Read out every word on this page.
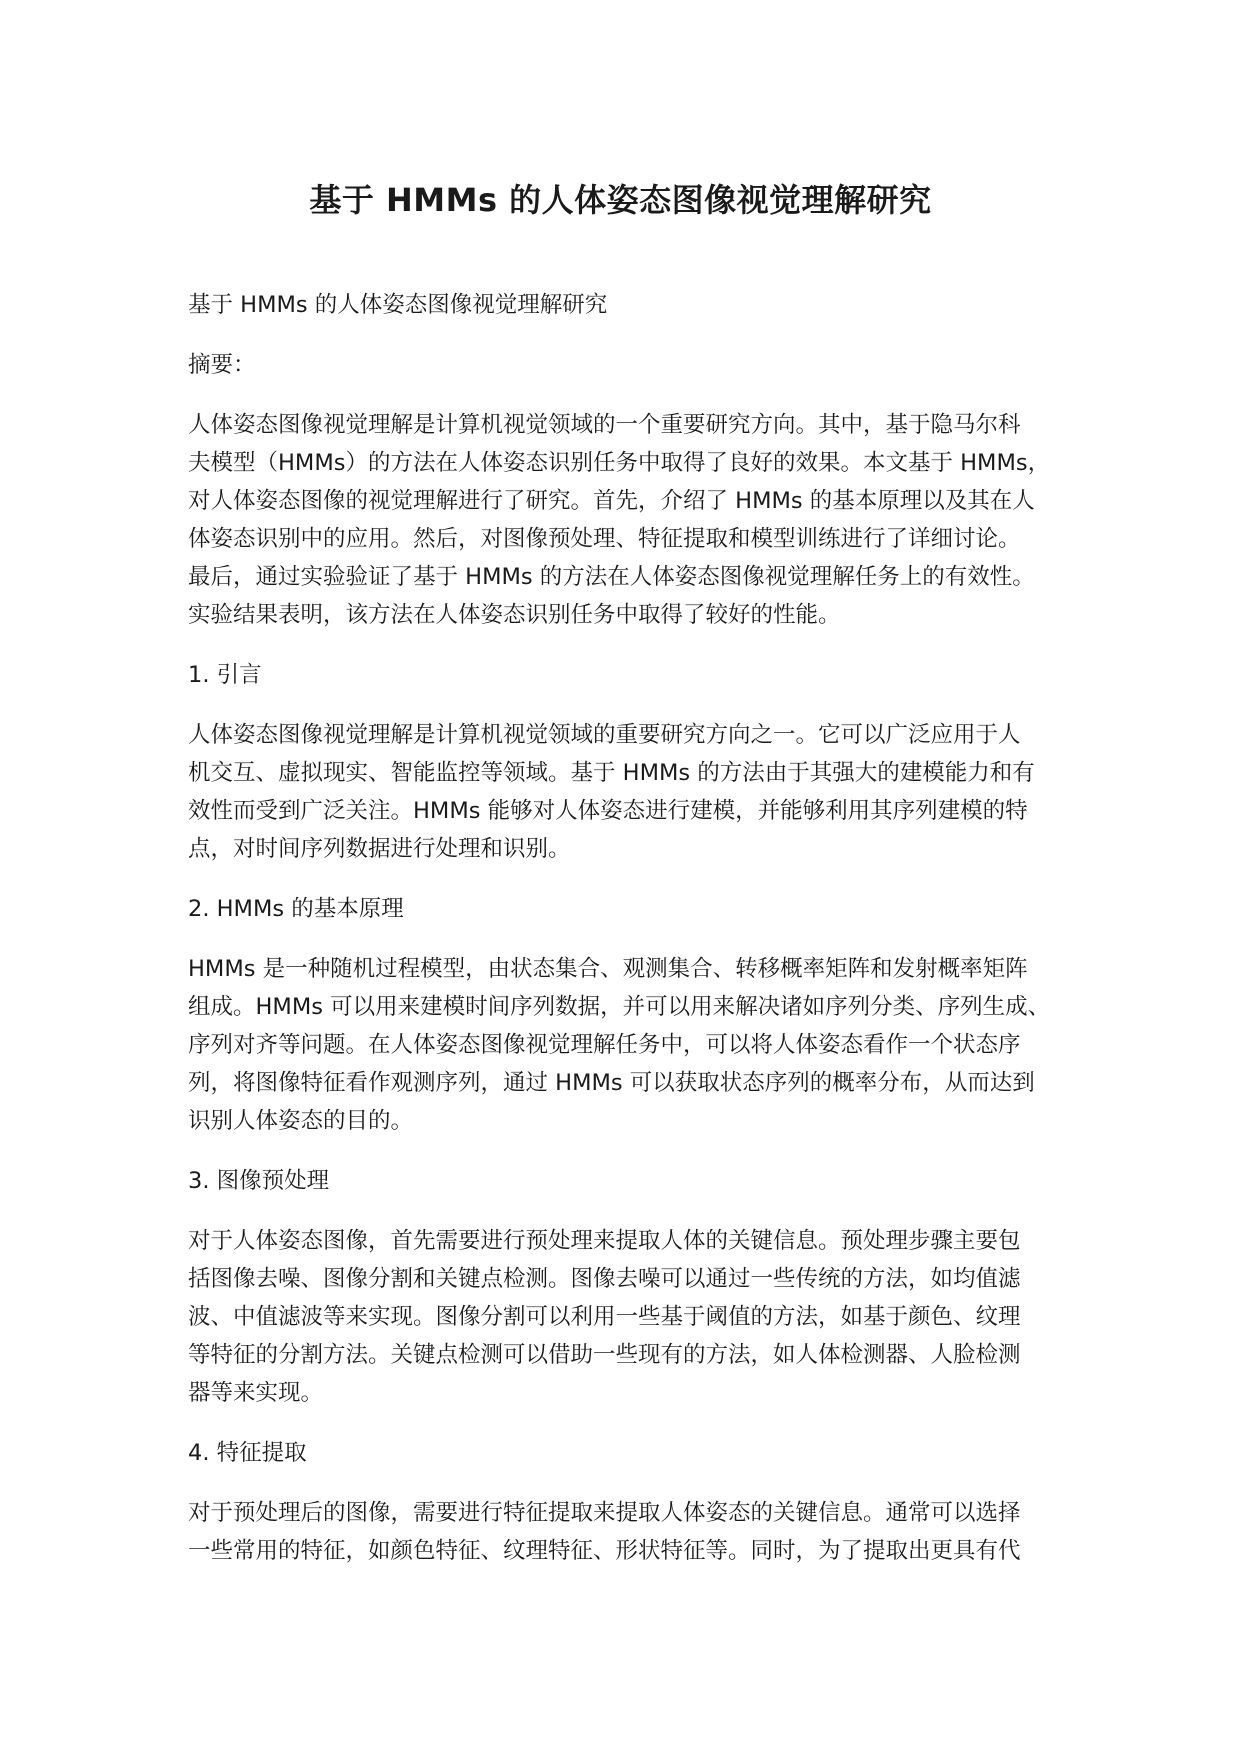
基于 HMMs 的人体姿态图像视觉理解研究

基于 HMMs 的人体姿态图像视觉理解研究

摘要：

人体姿态图像视觉理解是计算机视觉领域的一个重要研究方向。其中，基于隐马尔科

夫模型（HMMs）的方法在人体姿态识别任务中取得了良好的效果。本文基于 HMMs，

对人体姿态图像的视觉理解进行了研究。首先，介绍了 HMMs 的基本原理以及其在人

体姿态识别中的应用。然后，对图像预处理、特征提取和模型训练进行了详细讨论。

最后，通过实验验证了基于 HMMs 的方法在人体姿态图像视觉理解任务上的有效性。

实验结果表明，该方法在人体姿态识别任务中取得了较好的性能。

1. 引言

人体姿态图像视觉理解是计算机视觉领域的重要研究方向之一。它可以广泛应用于人

机交互、虚拟现实、智能监控等领域。基于 HMMs 的方法由于其强大的建模能力和有

效性而受到广泛关注。HMMs 能够对人体姿态进行建模，并能够利用其序列建模的特

点，对时间序列数据进行处理和识别。

2. HMMs 的基本原理

HMMs 是一种随机过程模型，由状态集合、观测集合、转移概率矩阵和发射概率矩阵

组成。HMMs 可以用来建模时间序列数据，并可以用来解决诸如序列分类、序列生成、

序列对齐等问题。在人体姿态图像视觉理解任务中，可以将人体姿态看作一个状态序

列，将图像特征看作观测序列，通过 HMMs 可以获取状态序列的概率分布，从而达到

识别人体姿态的目的。

3. 图像预处理

对于人体姿态图像，首先需要进行预处理来提取人体的关键信息。预处理步骤主要包

括图像去噪、图像分割和关键点检测。图像去噪可以通过一些传统的方法，如均值滤

波、中值滤波等来实现。图像分割可以利用一些基于阈值的方法，如基于颜色、纹理

等特征的分割方法。关键点检测可以借助一些现有的方法，如人体检测器、人脸检测

器等来实现。

4. 特征提取

对于预处理后的图像，需要进行特征提取来提取人体姿态的关键信息。通常可以选择

一些常用的特征，如颜色特征、纹理特征、形状特征等。同时，为了提取出更具有代
